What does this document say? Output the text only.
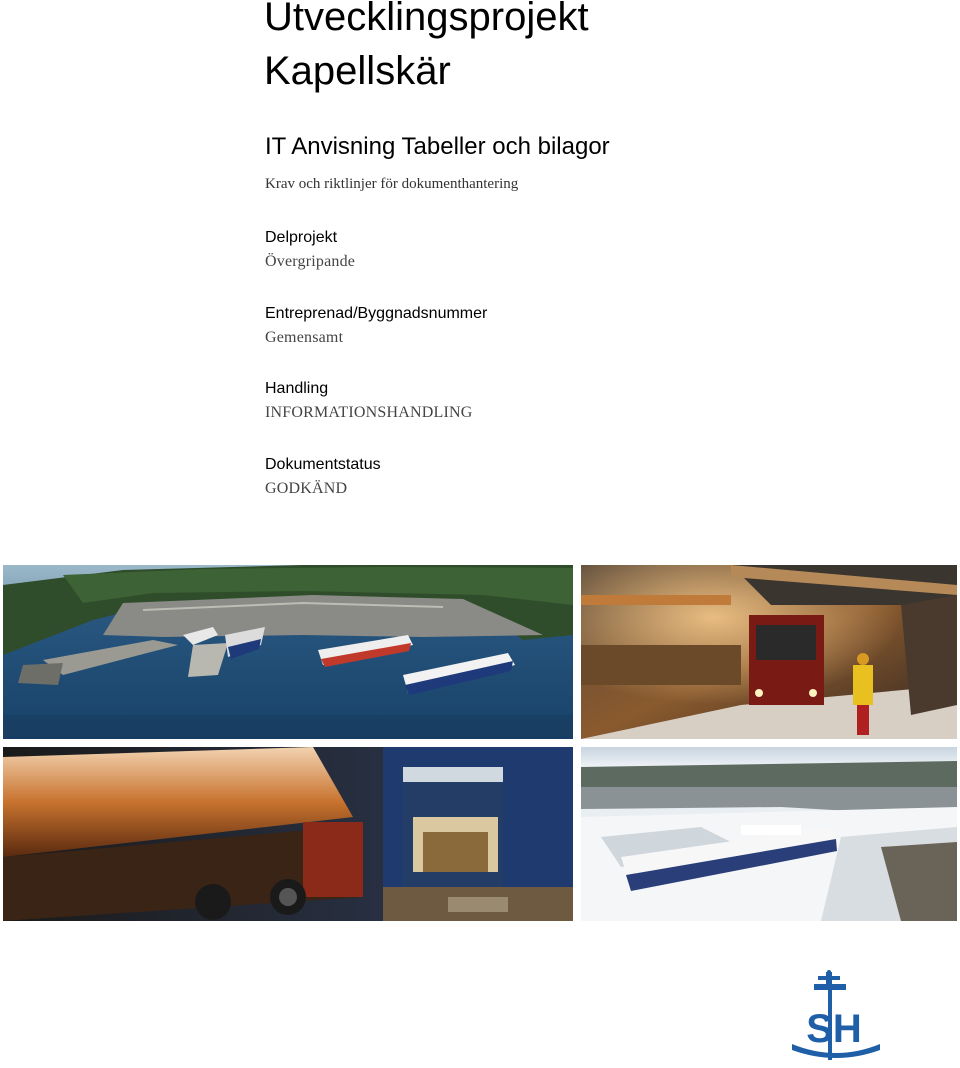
Utvecklingsprojekt
Kapellskär
IT Anvisning Tabeller och bilagor
Krav och riktlinjer för dokumenthantering
Delprojekt
Övergripande
Entreprenad/Byggnadsnummer
Gemensamt
Handling
INFORMATIONSHANDLING
Dokumentstatus
GODKÄND
SH
